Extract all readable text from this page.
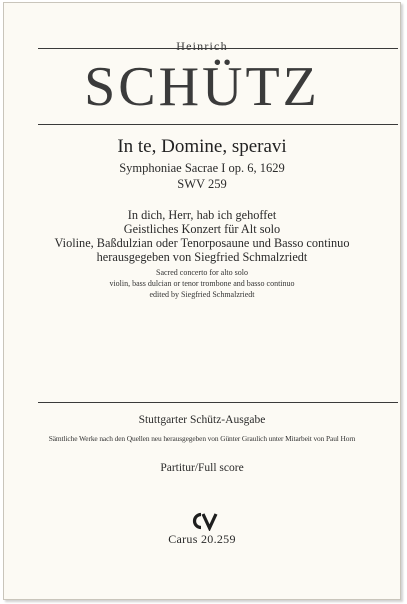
Heinrich
SCHÜTZ
In te, Domine, speravi
Symphoniae Sacrae I op. 6, 1629
SWV 259
In dich, Herr, hab ich gehoffet
Geistliches Konzert für Alt solo
Violine, Baßdulzian oder Tenorposaune und Basso continuo
herausgegeben von Siegfried Schmalzriedt
Sacred concerto for alto solo
violin, bass dulcian or tenor trombone and basso continuo
edited by Siegfried Schmalzriedt
Stuttgarter Schütz-Ausgabe
Sämtliche Werke nach den Quellen neu herausgegeben von Günter Graulich unter Mitarbeit von Paul Horn
Partitur/Full score
Carus 20.259
